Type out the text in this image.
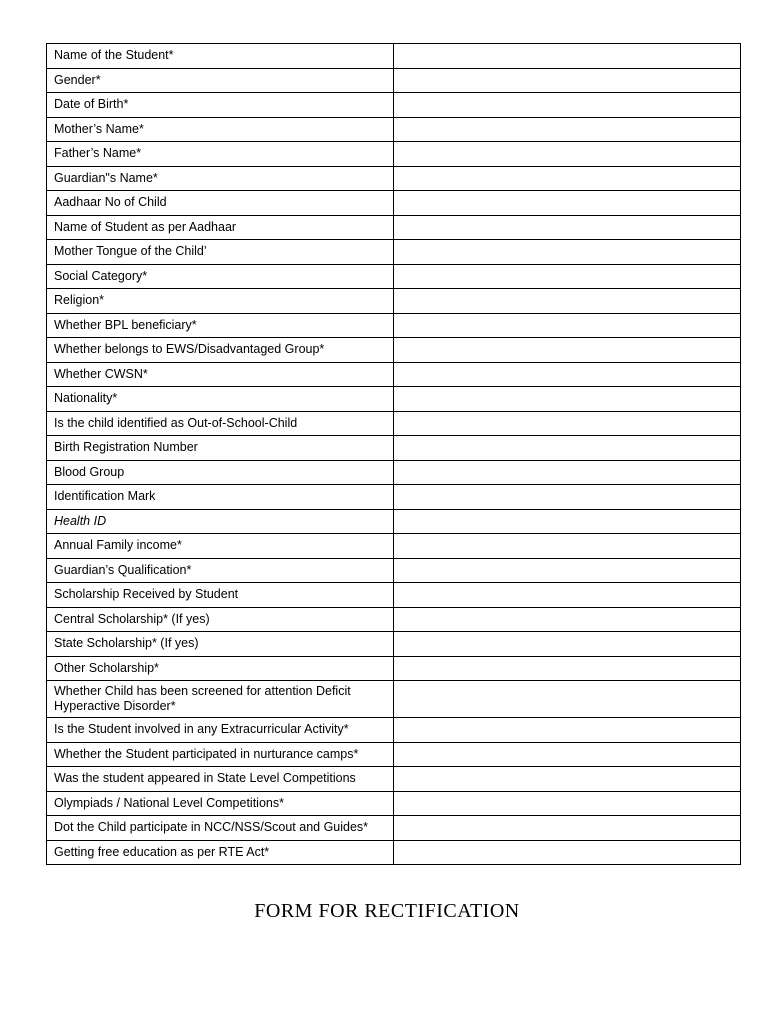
Name of the Student*	
Gender*	
Date of Birth*	
Mother’s Name*	
Father’s Name*	
Guardian"s Name*	
Aadhaar No of Child	
Name of Student as per Aadhaar	
Mother Tongue of the Child’	
Social Category*	
Religion*	
Whether BPL beneficiary*	
Whether belongs to EWS/Disadvantaged Group*	
Whether CWSN*	
Nationality*	
Is the child identified as Out-of-School-Child	
Birth Registration Number	
Blood Group	
Identification Mark	
Health ID	
Annual Family income*	
Guardian’s Qualification*	
Scholarship Received by Student	
Central Scholarship* (If yes)	
State Scholarship* (If yes)	
Other Scholarship*	
Whether Child has been screened for attention Deficit Hyperactive Disorder*	
Is the Student involved in any Extracurricular Activity*	
Whether the Student participated in nurturance camps*	
Was the student appeared in State Level Competitions	
Olympiads / National Level Competitions*	
Dot the Child participate in NCC/NSS/Scout and Guides*	
Getting free education as per RTE Act*	
FORM FOR RECTIFICATION
